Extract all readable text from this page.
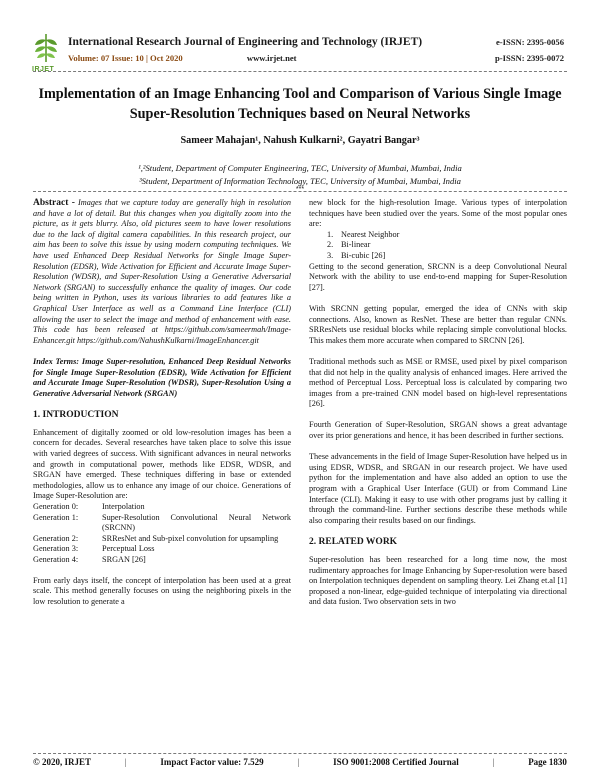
IRJET
International Research Journal of Engineering and Technology (IRJET)
Volume: 07 Issue: 10 | Oct 2020	www.irjet.net
e-ISSN: 2395-0056
p-ISSN: 2395-0072
Implementation of an Image Enhancing Tool and Comparison of Various Single Image Super-Resolution Techniques based on Neural Networks
Sameer Mahajan¹, Nahush Kulkarni², Gayatri Bangar³
¹,²Student, Department of Computer Engineering, TEC, University of Mumbai, Mumbai, India
³Student, Department of Information Technology, TEC, University of Mumbai, Mumbai, India
***

Abstract - Images that we capture today are generally high in resolution and have a lot of detail. But this changes when you digitally zoom into the picture, as it gets blurry. Also, old pictures seem to have lower resolutions due to the lack of digital camera capabilities. In this research project, our aim has been to solve this issue by using modern computing techniques. We have used Enhanced Deep Residual Networks for Single Image Super-Resolution (EDSR), Wide Activation for Efficient and Accurate Image Super-Resolution (WDSR), and Super-Resolution Using a Generative Adversarial Network (SRGAN) to successfully enhance the quality of images. Our code being written in Python, uses its various libraries to add features like a Graphical User Interface as well as a Command Line Interface (CLI) allowing the user to select the image and method of enhancement with ease. This code has been released at https://github.com/sameermah/Image-Enhancer.git https://github.com/NahushKulkarni/ImageEnhancer.git

Index Terms: Image Super-resolution, Enhanced Deep Residual Networks for Single Image Super-Resolution (EDSR), Wide Activation for Efficient and Accurate Image Super-Resolution (WDSR), Super-Resolution Using a Generative Adversarial Network (SRGAN)

1. INTRODUCTION

Enhancement of digitally zoomed or old low-resolution images has been a concern for decades. Several researches have taken place to solve this issue with varied degrees of success. With significant advances in neural networks and growth in computational power, methods like EDSR, WDSR, and SRGAN have emerged. These techniques differing in base or extended methodologies, allow us to enhance any image of our choice. Generations of Image Super-Resolution are:

Generation 0:	Interpolation
Generation 1:	Super-Resolution Convolutional Neural Network (SRCNN)
Generation 2:	SRResNet and Sub-pixel convolution for upsampling
Generation 3:	Perceptual Loss
Generation 4:	SRGAN [26]

From early days itself, the concept of interpolation has been used at a great scale. This method generally focuses on using the neighboring pixels in the low resolution to generate a

new block for the high-resolution Image. Various types of interpolation techniques have been studied over the years. Some of the most popular ones are:

1. Nearest Neighbor
2. Bi-linear
3. Bi-cubic [26]

Getting to the second generation, SRCNN is a deep Convolutional Neural Network with the ability to use end-to-end mapping for Super-Resolution [27].

With SRCNN getting popular, emerged the idea of CNNs with skip connections. Also, known as ResNet. These are better than regular CNNs. SRResNets use residual blocks while replacing simple convolutional blocks. This makes them more accurate when compared to SRCNN [26].

Traditional methods such as MSE or RMSE, used pixel by pixel comparison that did not help in the quality analysis of enhanced images. Here arrived the method of Perceptual Loss. Perceptual loss is calculated by comparing two images from a pre-trained CNN model based on high-level representations [26].

Fourth Generation of Super-Resolution, SRGAN shows a great advantage over its prior generations and hence, it has been described in further sections.

These advancements in the field of Image Super-Resolution have helped us in using EDSR, WDSR, and SRGAN in our research project. We have used python for the implementation and have also added an option to use the program with a Graphical User Interface (GUI) or from Command Line Interface (CLI). Making it easy to use with other programs just by calling it through the command-line. Further sections describe these methods while also comparing their results based on our findings.

2. RELATED WORK

Super-resolution has been researched for a long time now, the most rudimentary approaches for Image Enhancing by Super-resolution were based on Interpolation techniques dependent on sampling theory. Lei Zhang et.al [1] proposed a non-linear, edge-guided technique of interpolating via directional and data fusion. Two observation sets in two

© 2020, IRJET	|	Impact Factor value: 7.529	|	ISO 9001:2008 Certified Journal	|	Page 1830
